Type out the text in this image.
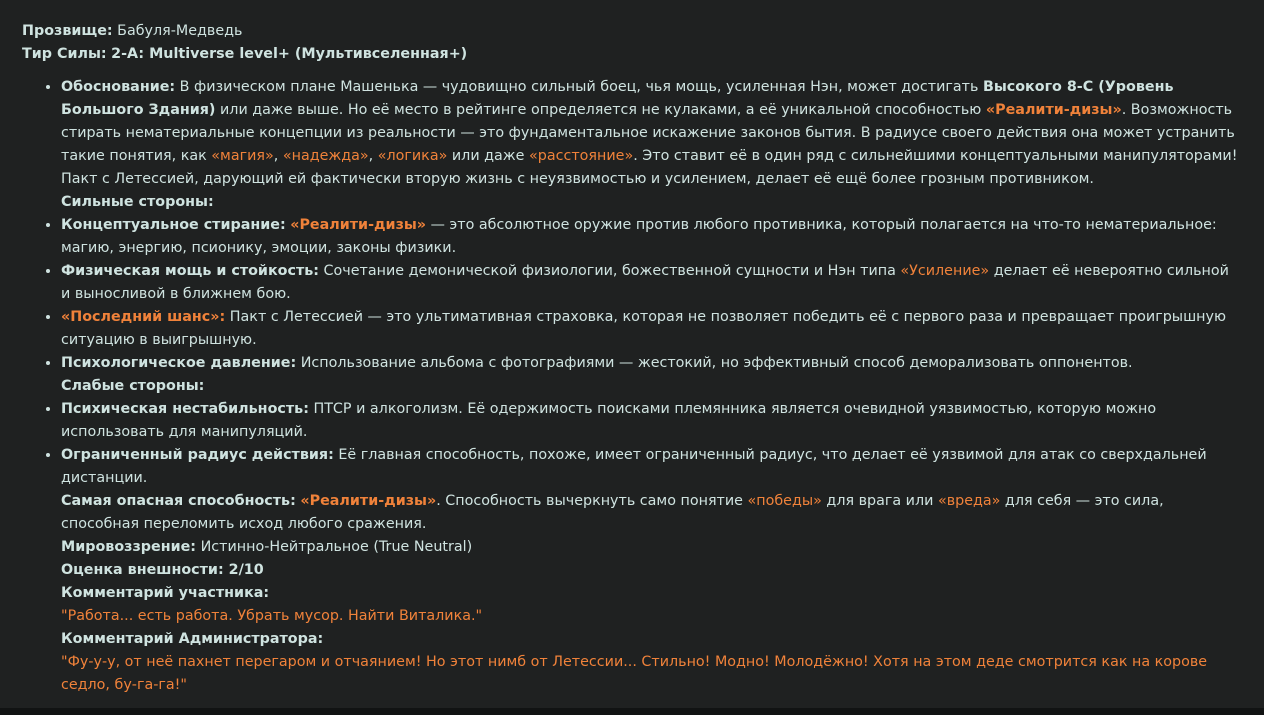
Прозвище: Бабуля-Медведь
Тир Силы: 2-A: Multiverse level+ (Мультивселенная+)
• Обоснование: В физическом плане Машенька — чудовищно сильный боец, чья мощь, усиленная Нэн, может достигать Высокого 8-C (Уровень Большого Здания) или даже выше. Но её место в рейтинге определяется не кулаками, а её уникальной способностью «Реалити-дизы». Возможность стирать нематериальные концепции из реальности — это фундаментальное искажение законов бытия. В радиусе своего действия она может устранить такие понятия, как «магия», «надежда», «логика» или даже «расстояние». Это ставит её в один ряд с сильнейшими концептуальными манипуляторами! Пакт с Летессией, дарующий ей фактически вторую жизнь с неуязвимостью и усилением, делает её ещё более грозным противником.
Сильные стороны:
• Концептуальное стирание: «Реалити-дизы» — это абсолютное оружие против любого противника, который полагается на что-то нематериальное: магию, энергию, псионику, эмоции, законы физики.
• Физическая мощь и стойкость: Сочетание демонической физиологии, божественной сущности и Нэн типа «Усиление» делает её невероятно сильной и выносливой в ближнем бою.
• «Последний шанс»: Пакт с Летессией — это ультимативная страховка, которая не позволяет победить её с первого раза и превращает проигрышную ситуацию в выигрышную.
• Психологическое давление: Использование альбома с фотографиями — жестокий, но эффективный способ деморализовать оппонентов.
Слабые стороны:
• Психическая нестабильность: ПТСР и алкоголизм. Её одержимость поисками племянника является очевидной уязвимостью, которую можно использовать для манипуляций.
• Ограниченный радиус действия: Её главная способность, похоже, имеет ограниченный радиус, что делает её уязвимой для атак со сверхдальней дистанции.
Самая опасная способность: «Реалити-дизы». Способность вычеркнуть само понятие «победы» для врага или «вреда» для себя — это сила, способная переломить исход любого сражения.
Мировоззрение: Истинно-Нейтральное (True Neutral)
Оценка внешности: 2/10
Комментарий участника:
"Работа... есть работа. Убрать мусор. Найти Виталика."
Комментарий Администратора:
"Фу-у-у, от неё пахнет перегаром и отчаянием! Но этот нимб от Летессии... Стильно! Модно! Молодёжно! Хотя на этом деде смотрится как на корове седло, бу-га-га!"
